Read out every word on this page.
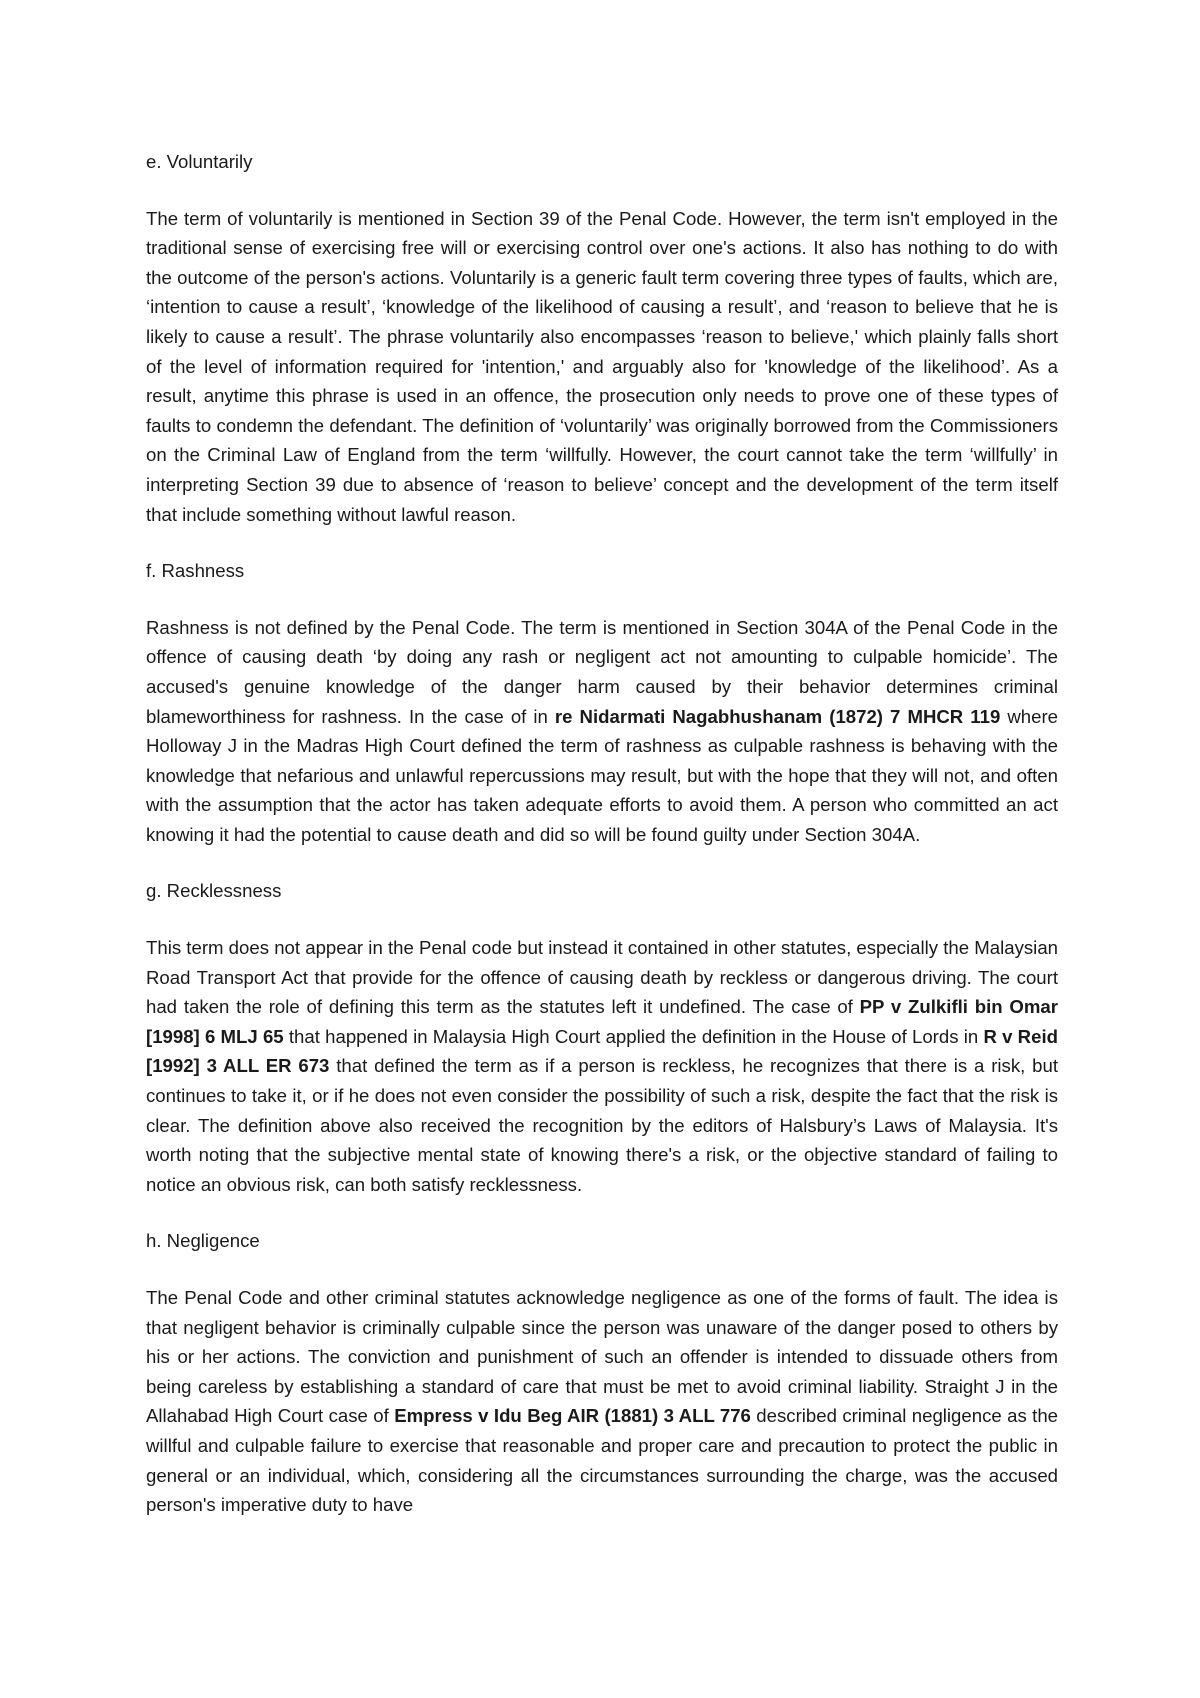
e. Voluntarily

The term of voluntarily is mentioned in Section 39 of the Penal Code. However, the term isn't employed in the traditional sense of exercising free will or exercising control over one's actions. It also has nothing to do with the outcome of the person's actions. Voluntarily is a generic fault term covering three types of faults, which are, ‘intention to cause a result’, ‘knowledge of the likelihood of causing a result’, and ‘reason to believe that he is likely to cause a result’. The phrase voluntarily also encompasses ‘reason to believe,' which plainly falls short of the level of information required for 'intention,' and arguably also for 'knowledge of the likelihood’. As a result, anytime this phrase is used in an offence, the prosecution only needs to prove one of these types of faults to condemn the defendant. The definition of ‘voluntarily’ was originally borrowed from the Commissioners on the Criminal Law of England from the term ‘willfully. However, the court cannot take the term ‘willfully’ in interpreting Section 39 due to absence of ‘reason to believe’ concept and the development of the term itself that include something without lawful reason.

f. Rashness

Rashness is not defined by the Penal Code. The term is mentioned in Section 304A of the Penal Code in the offence of causing death ‘by doing any rash or negligent act not amounting to culpable homicide’. The accused's genuine knowledge of the danger harm caused by their behavior determines criminal blameworthiness for rashness. In the case of in re Nidarmati Nagabhushanam (1872) 7 MHCR 119 where Holloway J in the Madras High Court defined the term of rashness as culpable rashness is behaving with the knowledge that nefarious and unlawful repercussions may result, but with the hope that they will not, and often with the assumption that the actor has taken adequate efforts to avoid them. A person who committed an act knowing it had the potential to cause death and did so will be found guilty under Section 304A.

g. Recklessness

This term does not appear in the Penal code but instead it contained in other statutes, especially the Malaysian Road Transport Act that provide for the offence of causing death by reckless or dangerous driving. The court had taken the role of defining this term as the statutes left it undefined. The case of PP v Zulkifli bin Omar [1998] 6 MLJ 65 that happened in Malaysia High Court applied the definition in the House of Lords in R v Reid [1992] 3 ALL ER 673 that defined the term as if a person is reckless, he recognizes that there is a risk, but continues to take it, or if he does not even consider the possibility of such a risk, despite the fact that the risk is clear. The definition above also received the recognition by the editors of Halsbury’s Laws of Malaysia. It's worth noting that the subjective mental state of knowing there's a risk, or the objective standard of failing to notice an obvious risk, can both satisfy recklessness.

h. Negligence

The Penal Code and other criminal statutes acknowledge negligence as one of the forms of fault. The idea is that negligent behavior is criminally culpable since the person was unaware of the danger posed to others by his or her actions. The conviction and punishment of such an offender is intended to dissuade others from being careless by establishing a standard of care that must be met to avoid criminal liability. Straight J in the Allahabad High Court case of Empress v Idu Beg AIR (1881) 3 ALL 776 described criminal negligence as the willful and culpable failure to exercise that reasonable and proper care and precaution to protect the public in general or an individual, which, considering all the circumstances surrounding the charge, was the accused person's imperative duty to have
